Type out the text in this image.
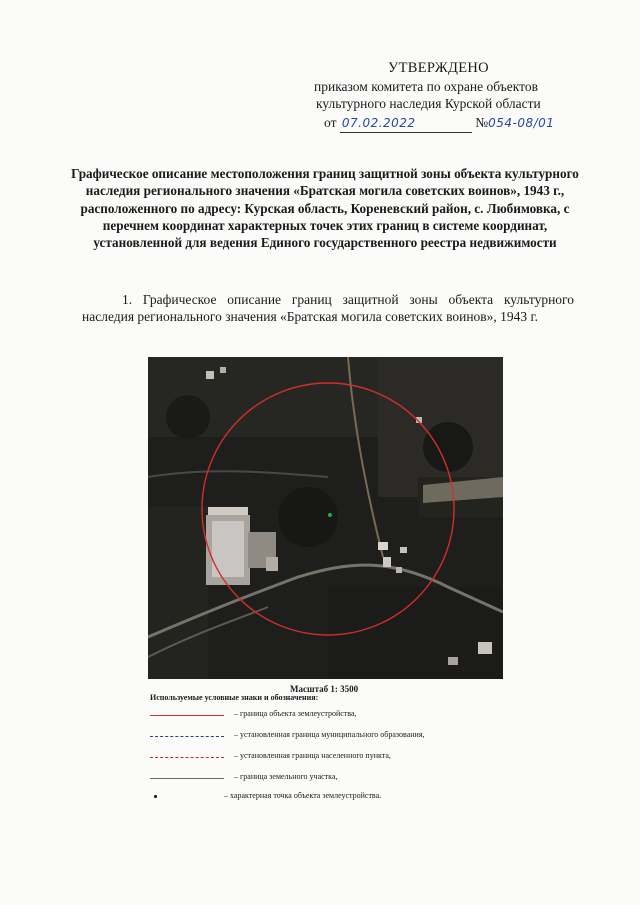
УТВЕРЖДЕНО
приказом комитета по охране объектов
культурного наследия Курской области
от 07.02.2022	№054-08/01
Графическое описание местоположения границ защитной зоны объекта культурного наследия регионального значения «Братская могила советских воинов», 1943 г., расположенного по адресу: Курская область, Кореневский район, с. Любимовка, с перечнем координат характерных точек этих границ в системе координат, установленной для ведения Единого государственного реестра недвижимости
1. Графическое описание границ защитной зоны объекта культурного наследия регионального значения «Братская могила советских воинов», 1943 г.
Масштаб 1: 3500
Используемые условные знаки и обозначения:
– граница объекта землеустройства,
– установленная граница муниципального образования,
– установленная граница населенного пункта,
– граница земельного участка,
– характерная точка объекта землеустройства.
